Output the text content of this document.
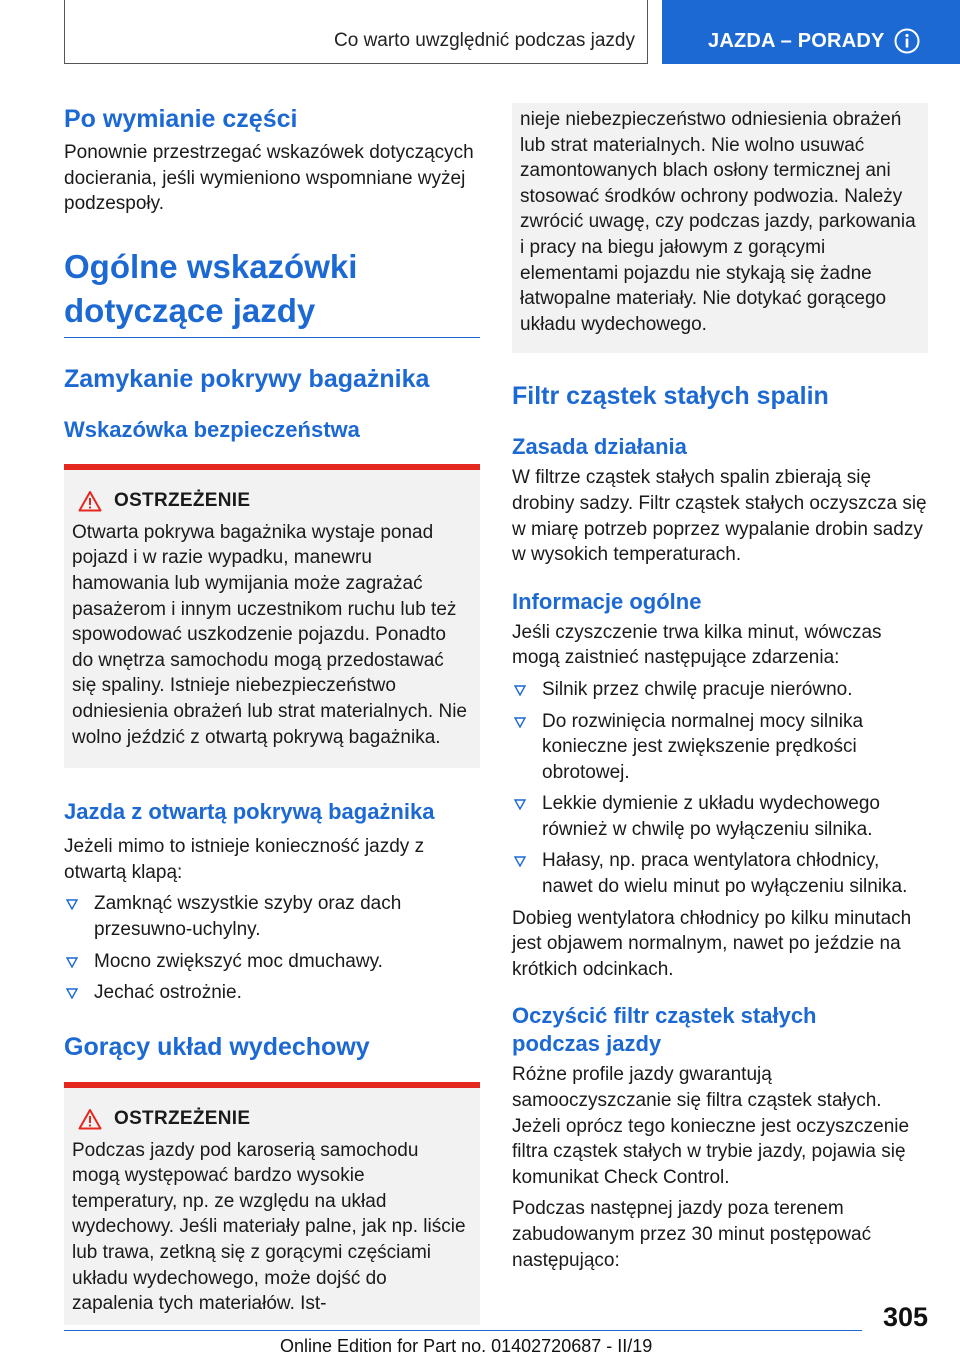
Co warto uwzględnić podczas jazdy	JAZDA – PORADY
Po wymianie części

Ponownie przestrzegać wskazówek dotyczących docierania, jeśli wymieniono wspomniane wyżej podzespoły.

Ogólne wskazówki
dotyczące jazdy
Zamykanie pokrywy bagażnika
Wskazówka bezpieczeństwa
OSTRZEŻENIE

Otwarta pokrywa bagażnika wystaje ponad pojazd i w razie wypadku, manewru hamowania lub wymijania może zagrażać pasażerom i innym uczestnikom ruchu lub też spowodować uszkodzenie pojazdu. Ponadto do wnętrza samochodu mogą przedostawać się spaliny. Istnieje niebezpieczeństwo odniesienia obrażeń lub strat materialnych. Nie wolno jeździć z otwartą pokrywą bagażnika.

Jazda z otwartą pokrywą bagażnika

Jeżeli mimo to istnieje konieczność jazdy z otwartą klapą:

Zamknąć wszystkie szyby oraz dach przesuwno-uchylny.
Mocno zwiększyć moc dmuchawy.
Jechać ostrożnie.
Gorący układ wydechowy
OSTRZEŻENIE

Podczas jazdy pod karoserią samochodu mogą występować bardzo wysokie temperatury, np. ze względu na układ wydechowy. Jeśli materiały palne, jak np. liście lub trawa, zetkną się z gorącymi częściami układu wydechowego, może dojść do zapalenia tych materiałów. Ist-

nieje niebezpieczeństwo odniesienia obrażeń lub strat materialnych. Nie wolno usuwać zamontowanych blach osłony termicznej ani stosować środków ochrony podwozia. Należy zwrócić uwagę, czy podczas jazdy, parkowania i pracy na biegu jałowym z gorącymi elementami pojazdu nie stykają się żadne łatwopalne materiały. Nie dotykać gorącego układu wydechowego.

Filtr cząstek stałych spalin
Zasada działania

W filtrze cząstek stałych spalin zbierają się drobiny sadzy. Filtr cząstek stałych oczyszcza się w miarę potrzeb poprzez wypalanie drobin sadzy w wysokich temperaturach.

Informacje ogólne

Jeśli czyszczenie trwa kilka minut, wówczas mogą zaistnieć następujące zdarzenia:

Silnik przez chwilę pracuje nierówno.
Do rozwinięcia normalnej mocy silnika konieczne jest zwiększenie prędkości obrotowej.
Lekkie dymienie z układu wydechowego również w chwilę po wyłączeniu silnika.
Hałasy, np. praca wentylatora chłodnicy, nawet do wielu minut po wyłączeniu silnika.

Dobieg wentylatora chłodnicy po kilku minutach jest objawem normalnym, nawet po jeździe na krótkich odcinkach.

Oczyścić filtr cząstek stałych
podczas jazdy

Różne profile jazdy gwarantują samooczyszczanie się filtra cząstek stałych. Jeżeli oprócz tego konieczne jest oczyszczenie filtra cząstek stałych w trybie jazdy, pojawia się komunikat Check Control.

Podczas następnej jazdy poza terenem zabudowanym przez 30 minut postępować następująco:

305
Online Edition for Part no. 01402720687 - II/19
